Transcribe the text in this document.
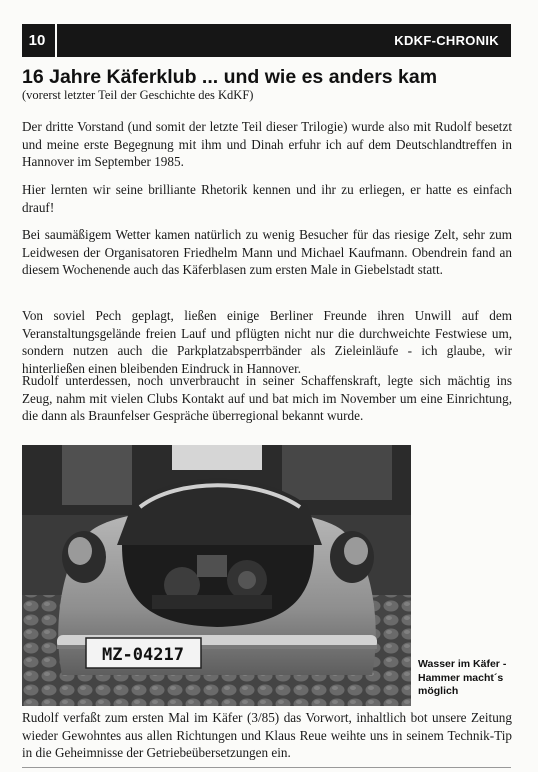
10	KDKF-CHRONIK
16 Jahre Käferklub ... und wie es anders kam

(vorerst letzter Teil der Geschichte des KdKF)

Der dritte Vorstand (und somit der letzte Teil dieser Trilogie) wurde also mit Rudolf besetzt und meine erste Begegnung mit ihm und Dinah erfuhr ich auf dem Deutschlandtreffen in Hannover im September 1985.

Hier lernten wir seine brilliante Rhetorik kennen und ihr zu erliegen, er hatte es einfach drauf!

Bei saumäßigem Wetter kamen natürlich zu wenig Besucher für das riesige Zelt, sehr zum Leidwesen der Organisatoren Friedhelm Mann und Michael Kaufmann. Obendrein fand an diesem Wochenende auch das Käferblasen zum ersten Male in Giebelstadt statt.

Von soviel Pech geplagt, ließen einige Berliner Freunde ihren Unwill auf dem Veranstaltungsgelände freien Lauf und pflügten nicht nur die durchweichte Festwiese um, sondern nutzen auch die Parkplatzabsperrbänder als Zieleinläufe - ich glaube, wir hinterließen einen bleibenden Eindruck in Hannover.

Rudolf unterdessen, noch unverbraucht in seiner Schaffenskraft, legte sich mächtig ins Zeug, nahm mit vielen Clubs Kontakt auf und bat mich im November um eine Einrichtung, die dann als Braunfelser Gespräche überregional bekannt wurde.

MZ-04217	Wasser im Käfer - Hammer macht´s möglich

Rudolf verfaßt zum ersten Mal im Käfer (3/85) das Vorwort, inhaltlich bot unsere Zeitung wieder Gewohntes aus allen Richtungen und Klaus Reue weihte uns in seinem Technik-Tip in die Geheimnisse der Getriebeübersetzungen ein.
